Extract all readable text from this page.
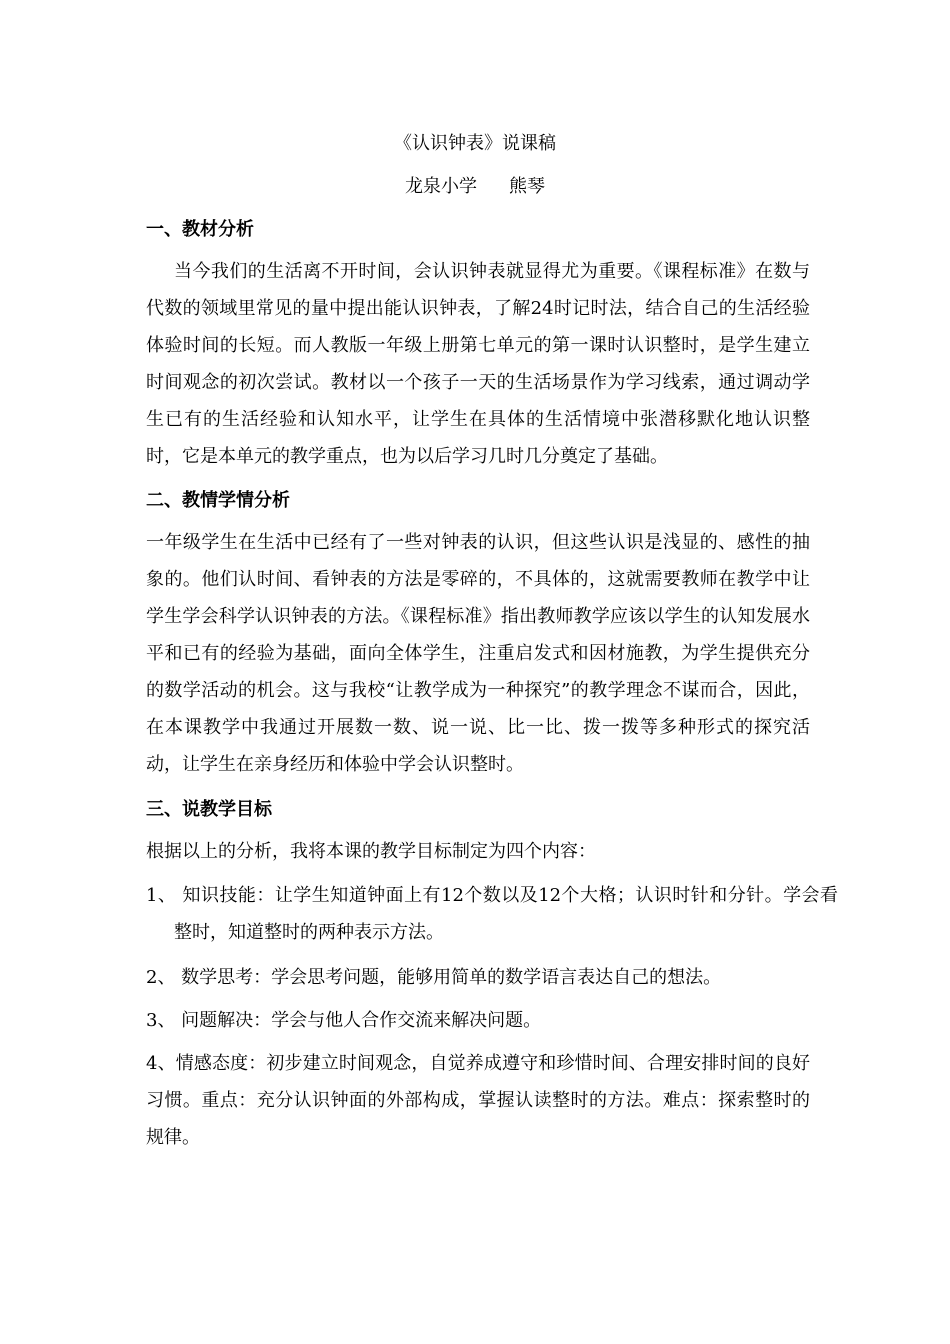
《认识钟表》说课稿
龙泉小学 熊琴
一、教材分析
当今我们的生活离不开时间，会认识钟表就显得尤为重要。《课程标准》在数与代数的领域里常见的量中提出能认识钟表，了解24时记时法，结合自己的生活经验体验时间的长短。而人教版一年级上册第七单元的第一课时认识整时，是学生建立时间观念的初次尝试。教材以一个孩子一天的生活场景作为学习线索，通过调动学生已有的生活经验和认知水平，让学生在具体的生活情境中张潜移默化地认识整时，它是本单元的教学重点，也为以后学习几时几分奠定了基础。
二、教情学情分析
一年级学生在生活中已经有了一些对钟表的认识，但这些认识是浅显的、感性的抽象的。他们认时间、看钟表的方法是零碎的，不具体的，这就需要教师在教学中让学生学会科学认识钟表的方法。《课程标准》指出教师教学应该以学生的认知发展水平和已有的经验为基础，面向全体学生，注重启发式和因材施教，为学生提供充分的数学活动的机会。这与我校“让教学成为一种探究”的教学理念不谋而合，因此，在本课教学中我通过开展数一数、说一说、比一比、拨一拨等多种形式的探究活动，让学生在亲身经历和体验中学会认识整时。
三、说教学目标
根据以上的分析，我将本课的教学目标制定为四个内容：
1、 知识技能：让学生知道钟面上有12个数以及12个大格；认识时针和分针。学会看整时，知道整时的两种表示方法。
2、 数学思考：学会思考问题，能够用简单的数学语言表达自己的想法。
3、 问题解决：学会与他人合作交流来解决问题。
4、情感态度：初步建立时间观念，自觉养成遵守和珍惜时间、合理安排时间的良好习惯。重点：充分认识钟面的外部构成，掌握认读整时的方法。难点：探索整时的规律。
